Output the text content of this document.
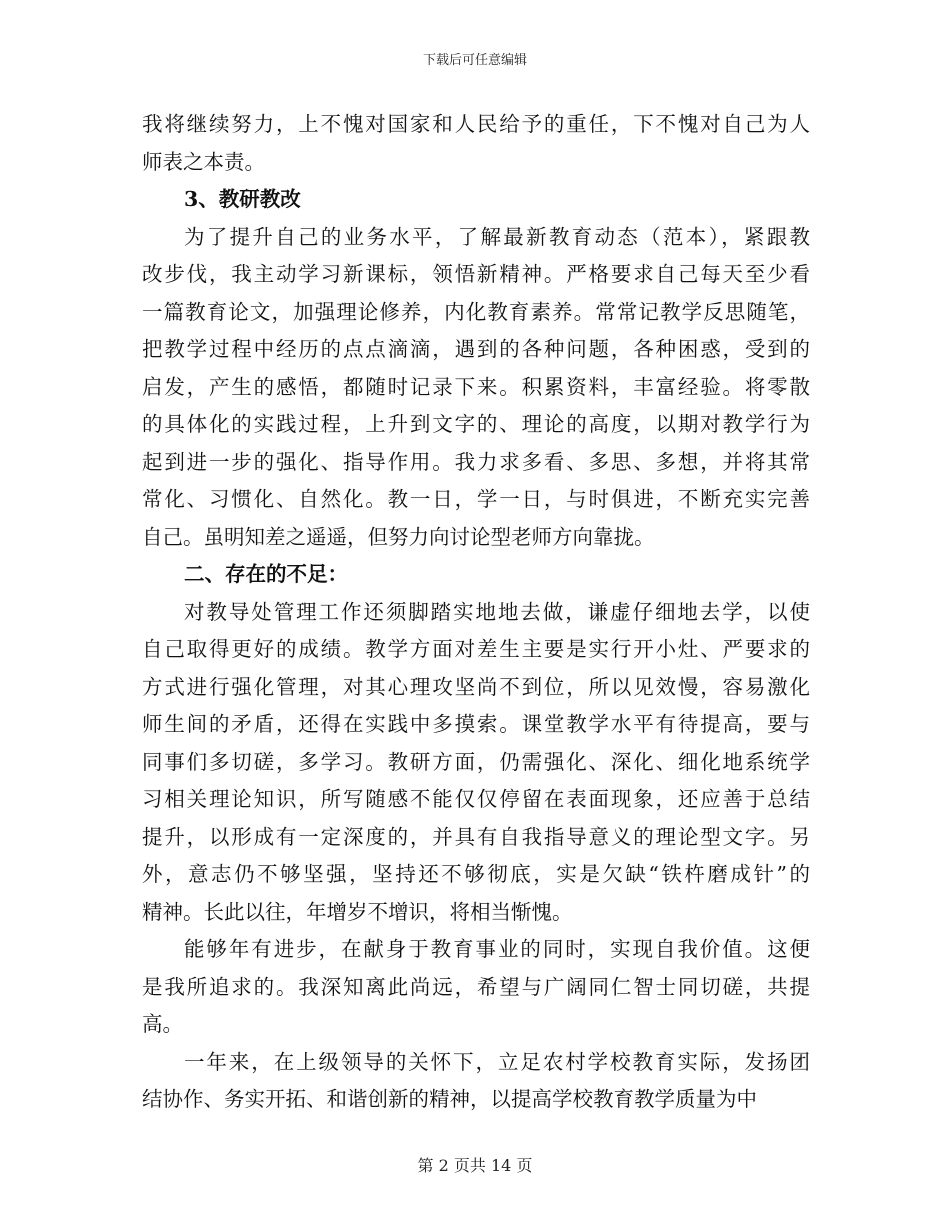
下载后可任意编辑
我将继续努力，上不愧对国家和人民给予的重任，下不愧对自己为人
师表之本责。
3、教研教改
为了提升自己的业务水平，了解最新教育动态（范本），紧跟教
改步伐，我主动学习新课标，领悟新精神。严格要求自己每天至少看
一篇教育论文，加强理论修养，内化教育素养。常常记教学反思随笔，
把教学过程中经历的点点滴滴，遇到的各种问题，各种困惑，受到的
启发，产生的感悟，都随时记录下来。积累资料，丰富经验。将零散
的具体化的实践过程，上升到文字的、理论的高度，以期对教学行为
起到进一步的强化、指导作用。我力求多看、多思、多想，并将其常
常化、习惯化、自然化。教一日，学一日，与时俱进，不断充实完善
自己。虽明知差之遥遥，但努力向讨论型老师方向靠拢。
二、存在的不足：
对教导处管理工作还须脚踏实地地去做，谦虚仔细地去学，以使
自己取得更好的成绩。教学方面对差生主要是实行开小灶、严要求的
方式进行强化管理，对其心理攻坚尚不到位，所以见效慢，容易激化
师生间的矛盾，还得在实践中多摸索。课堂教学水平有待提高，要与
同事们多切磋，多学习。教研方面，仍需强化、深化、细化地系统学
习相关理论知识，所写随感不能仅仅停留在表面现象，还应善于总结
提升，以形成有一定深度的，并具有自我指导意义的理论型文字。另
外，意志仍不够坚强，坚持还不够彻底，实是欠缺“铁杵磨成针”的
精神。长此以往，年增岁不增识，将相当惭愧。
能够年有进步，在献身于教育事业的同时，实现自我价值。这便
是我所追求的。我深知离此尚远，希望与广阔同仁智士同切磋，共提
高。
一年来，在上级领导的关怀下，立足农村学校教育实际，发扬团
结协作、务实开拓、和谐创新的精神，以提高学校教育教学质量为中
第 2 页共 14 页
